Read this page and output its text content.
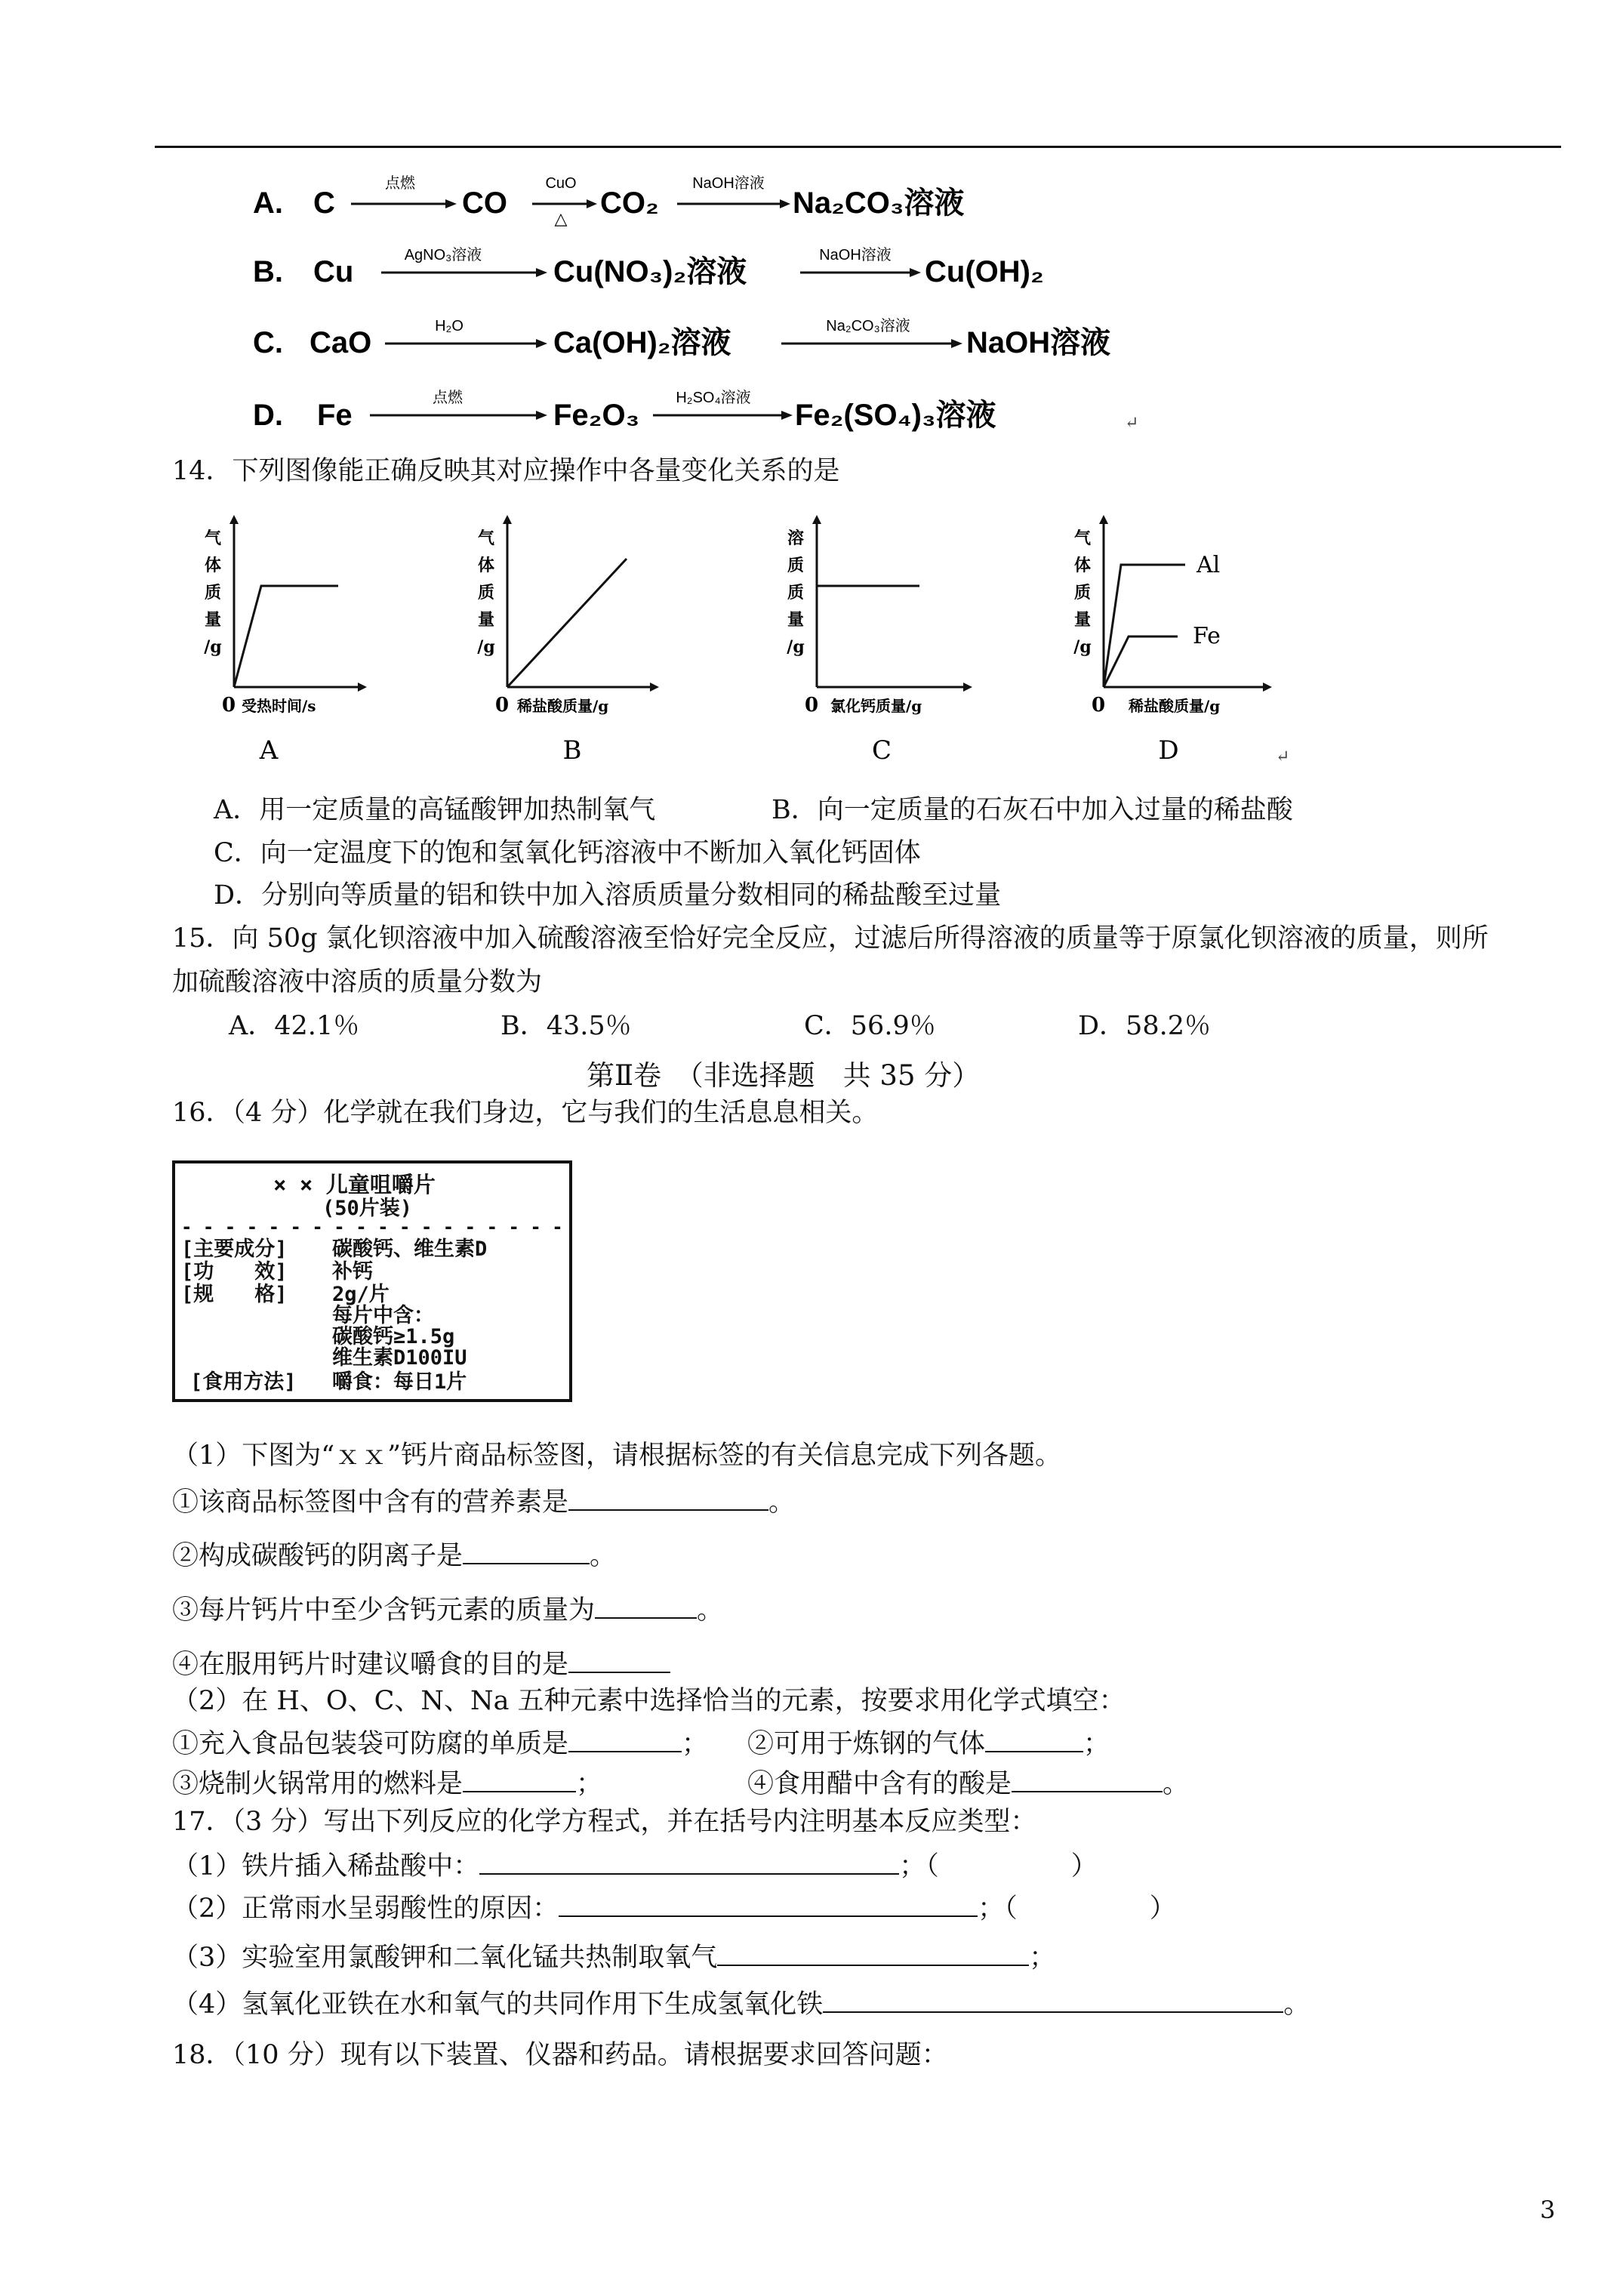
A. C
点燃
CO
CuO
△ CO₂
NaOH溶液
Na₂CO₃溶液
B. Cu	AgNO₃溶液 Cu(NO₃)₂溶液	NaOH溶液 Cu(OH)₂
C. CaO	H₂O	Ca(OH)₂溶液	Na₂CO₃溶液 NaOH溶液
D. Fe
点燃
Fe₂O₃
H₂SO₄溶液
Fe₂(SO₄)₃溶液	↵
14．下列图像能正确反映其对应操作中各量变化关系的是
气
体
质
量
/g
0 受热时间/s
A
气
体
质
量
/g
0 稀盐酸质量/g
B
溶
质
质
量
/g
0 氯化钙质量/g
C
气
体
质
量
/g
0 稀盐酸质量/g
Al
Fe
D	↵
A．用一定质量的高锰酸钾加热制氧气	B．向一定质量的石灰石中加入过量的稀盐酸
C．向一定温度下的饱和氢氧化钙溶液中不断加入氧化钙固体
D．分别向等质量的铝和铁中加入溶质质量分数相同的稀盐酸至过量
15．向 50g 氯化钡溶液中加入硫酸溶液至恰好完全反应，过滤后所得溶液的质量等于原氯化钡溶液的质量，则所
加硫酸溶液中溶质的质量分数为
A．42.1％	B．43.5％	C．56.9％	D．58.2％
第Ⅱ卷　（非选择题　共 35 分）
16．（4 分）化学就在我们身边，它与我们的生活息息相关。
× × 儿童咀嚼片
(50片装)
- - - - - - - - - - - - - - - - - -
[主要成分] 碳酸钙、维生素D
[功　　效] 补钙
[规　　格] 2g/片
每片中含：
碳酸钙≥1.5g
维生素D100IU
[食用方法] 嚼食：每日1片
（1）下图为“ｘｘ”钙片商品标签图，请根据标签的有关信息完成下列各题。
①该商品标签图中含有的营养素是	。
②构成碳酸钙的阴离子是	。
③每片钙片中至少含钙元素的质量为	。
④在服用钙片时建议嚼食的目的是
（2）在 H、O、C、N、Na 五种元素中选择恰当的元素，按要求用化学式填空：
①充入食品包装袋可防腐的单质是	； ②可用于炼钢的气体	；
③烧制火锅常用的燃料是	；	④食用醋中含有的酸是	。
17．（3 分）写出下列反应的化学方程式，并在括号内注明基本反应类型：
（1）铁片插入稀盐酸中：	；（　　　　　）
（2）正常雨水呈弱酸性的原因：	；（　　　　　）
（3）实验室用氯酸钾和二氧化锰共热制取氧气	；
（4）氢氧化亚铁在水和氧气的共同作用下生成氢氧化铁	。
18．（10 分）现有以下装置、仪器和药品。请根据要求回答问题：
3
